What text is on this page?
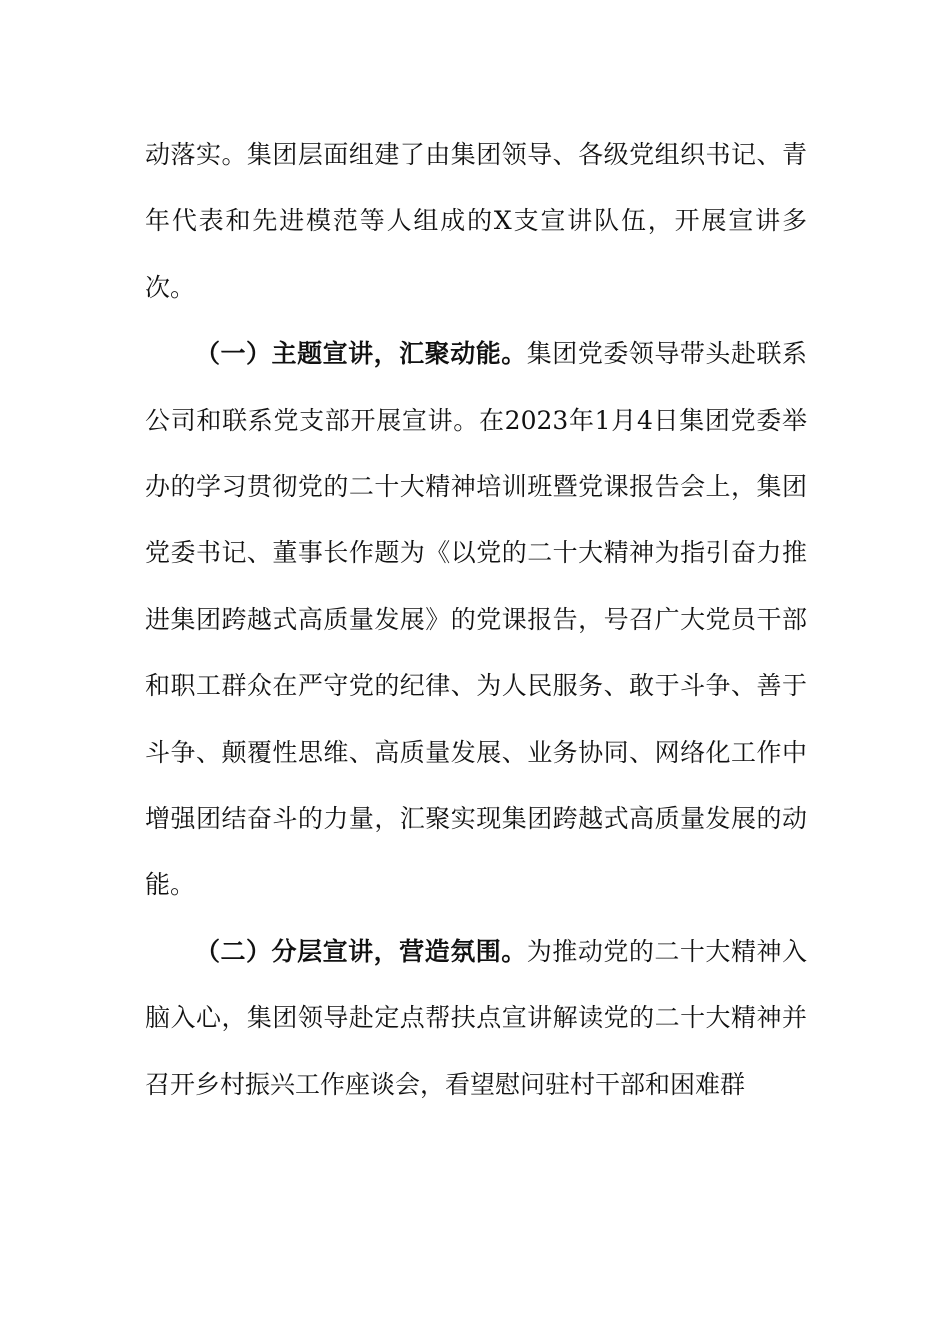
动落实。集团层面组建了由集团领导、各级党组织书记、青年代表和先进模范等人组成的X支宣讲队伍，开展宣讲多次。

（一）主题宣讲，汇聚动能。集团党委领导带头赴联系公司和联系党支部开展宣讲。在2023年1月4日集团党委举办的学习贯彻党的二十大精神培训班暨党课报告会上，集团党委书记、董事长作题为《以党的二十大精神为指引奋力推进集团跨越式高质量发展》的党课报告，号召广大党员干部和职工群众在严守党的纪律、为人民服务、敢于斗争、善于斗争、颠覆性思维、高质量发展、业务协同、网络化工作中增强团结奋斗的力量，汇聚实现集团跨越式高质量发展的动能。

（二）分层宣讲，营造氛围。为推动党的二十大精神入脑入心，集团领导赴定点帮扶点宣讲解读党的二十大精神并召开乡村振兴工作座谈会，看望慰问驻村干部和困难群
